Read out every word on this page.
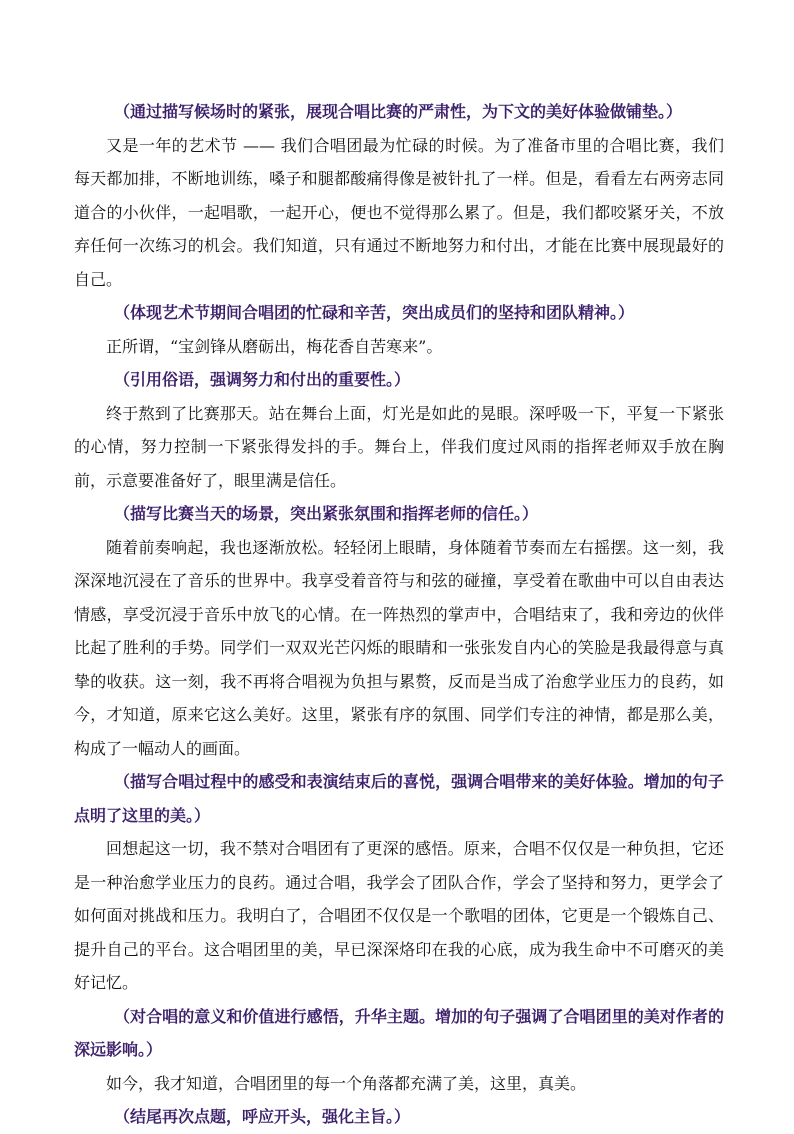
（通过描写候场时的紧张，展现合唱比赛的严肃性，为下文的美好体验做铺垫。）

又是一年的艺术节 —— 我们合唱团最为忙碌的时候。为了准备市里的合唱比赛，我们每天都加排，不断地训练，嗓子和腿都酸痛得像是被针扎了一样。但是，看看左右两旁志同道合的小伙伴，一起唱歌，一起开心，便也不觉得那么累了。但是，我们都咬紧牙关，不放弃任何一次练习的机会。我们知道，只有通过不断地努力和付出，才能在比赛中展现最好的自己。

（体现艺术节期间合唱团的忙碌和辛苦，突出成员们的坚持和团队精神。）

正所谓，“宝剑锋从磨砺出，梅花香自苦寒来”。

（引用俗语，强调努力和付出的重要性。）

终于熬到了比赛那天。站在舞台上面，灯光是如此的晃眼。深呼吸一下，平复一下紧张的心情，努力控制一下紧张得发抖的手。舞台上，伴我们度过风雨的指挥老师双手放在胸前，示意要准备好了，眼里满是信任。

（描写比赛当天的场景，突出紧张氛围和指挥老师的信任。）

随着前奏响起，我也逐渐放松。轻轻闭上眼睛，身体随着节奏而左右摇摆。这一刻，我深深地沉浸在了音乐的世界中。我享受着音符与和弦的碰撞，享受着在歌曲中可以自由表达情感，享受沉浸于音乐中放飞的心情。在一阵热烈的掌声中，合唱结束了，我和旁边的伙伴比起了胜利的手势。同学们一双双光芒闪烁的眼睛和一张张发自内心的笑脸是我最得意与真挚的收获。这一刻，我不再将合唱视为负担与累赘，反而是当成了治愈学业压力的良药，如今，才知道，原来它这么美好。这里，紧张有序的氛围、同学们专注的神情，都是那么美，构成了一幅动人的画面。

（描写合唱过程中的感受和表演结束后的喜悦，强调合唱带来的美好体验。增加的句子点明了这里的美。）

回想起这一切，我不禁对合唱团有了更深的感悟。原来，合唱不仅仅是一种负担，它还是一种治愈学业压力的良药。通过合唱，我学会了团队合作，学会了坚持和努力，更学会了如何面对挑战和压力。我明白了，合唱团不仅仅是一个歌唱的团体，它更是一个锻炼自己、提升自己的平台。这合唱团里的美，早已深深烙印在我的心底，成为我生命中不可磨灭的美好记忆。

（对合唱的意义和价值进行感悟，升华主题。增加的句子强调了合唱团里的美对作者的深远影响。）

如今，我才知道，合唱团里的每一个角落都充满了美，这里，真美。

（结尾再次点题，呼应开头，强化主旨。）
